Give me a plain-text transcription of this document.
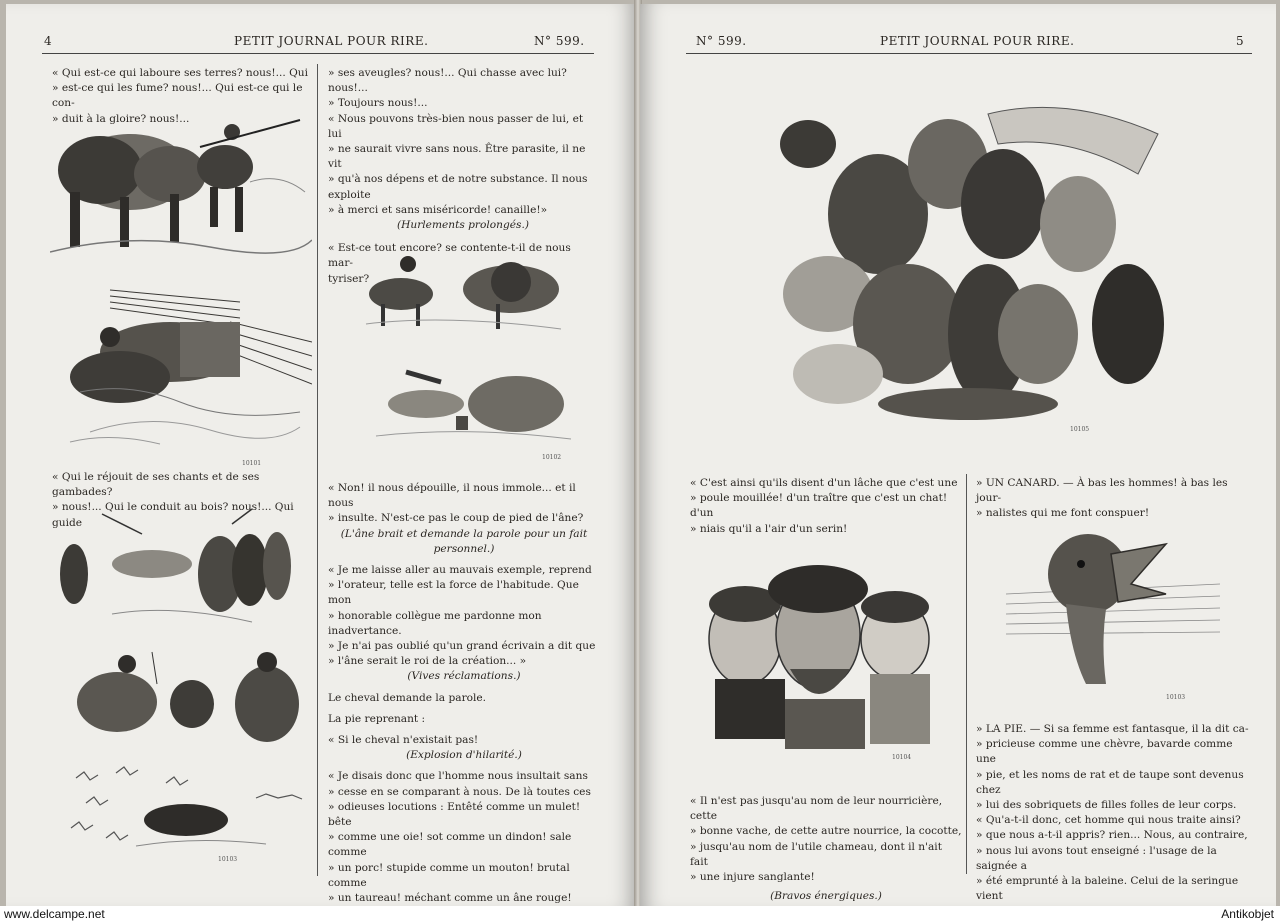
4	PETIT JOURNAL POUR RIRE.	N° 599.

« Qui est-ce qui laboure ses terres? nous!... Qui

» est-ce qui les fume? nous!... Qui est-ce qui le con-

» duit à la gloire? nous!...

10101

« Qui le réjouit de ses chants et de ses gambades?

» nous!... Qui le conduit au bois? nous!... Qui guide

10103

» ses aveugles? nous!... Qui chasse avec lui? nous!...

» Toujours nous!...

« Nous pouvons très-bien nous passer de lui, et lui

» ne saurait vivre sans nous. Être parasite, il ne vit

» qu'à nos dépens et de notre substance. Il nous exploite

» à merci et sans miséricorde! canaille!»

(Hurlements prolongés.)

« Est-ce tout encore? se contente-t-il de nous mar-

tyriser?

10102

« Non! il nous dépouille, il nous immole... et il nous

» insulte. N'est-ce pas le coup de pied de l'âne?

(L'âne brait et demande la parole pour un fait

personnel.)

« Je me laisse aller au mauvais exemple, reprend

» l'orateur, telle est la force de l'habitude. Que mon

» honorable collègue me pardonne mon inadvertance.

» Je n'ai pas oublié qu'un grand écrivain a dit que

» l'âne serait le roi de la création... »

(Vives réclamations.)

Le cheval demande la parole.

La pie reprenant :

« Si le cheval n'existait pas!

(Explosion d'hilarité.)

« Je disais donc que l'homme nous insultait sans

» cesse en se comparant à nous. De là toutes ces

» odieuses locutions : Entêté comme un mulet! bête

» comme une oie! sot comme un dindon! sale comme

» un porc! stupide comme un mouton! brutal comme

» un taureau! méchant comme un âne rouge!

N° 599.	PETIT JOURNAL POUR RIRE.	5
10105

« C'est ainsi qu'ils disent d'un lâche que c'est une

» poule mouillée! d'un traître que c'est un chat! d'un

» niais qu'il a l'air d'un serin!

10104

« Il n'est pas jusqu'au nom de leur nourricière, cette

» bonne vache, de cette autre nourrice, la cocotte,

» jusqu'au nom de l'utile chameau, dont il n'ait fait

» une injure sanglante!

(Bravos énergiques.)

» UN CANARD. — À bas les hommes! à bas les jour-

» nalistes qui me font conspuer!

10103

» LA PIE. — Si sa femme est fantasque, il la dit ca-

» pricieuse comme une chèvre, bavarde comme une

» pie, et les noms de rat et de taupe sont devenus chez

» lui des sobriquets de filles folles de leur corps.

« Qu'a-t-il donc, cet homme qui nous traite ainsi?

» que nous a-t-il appris? rien... Nous, au contraire,

» nous lui avons tout enseigné : l'usage de la saignée a

» été emprunté à la baleine. Celui de la seringue vient

www.delcampe.net	Antikobjet
